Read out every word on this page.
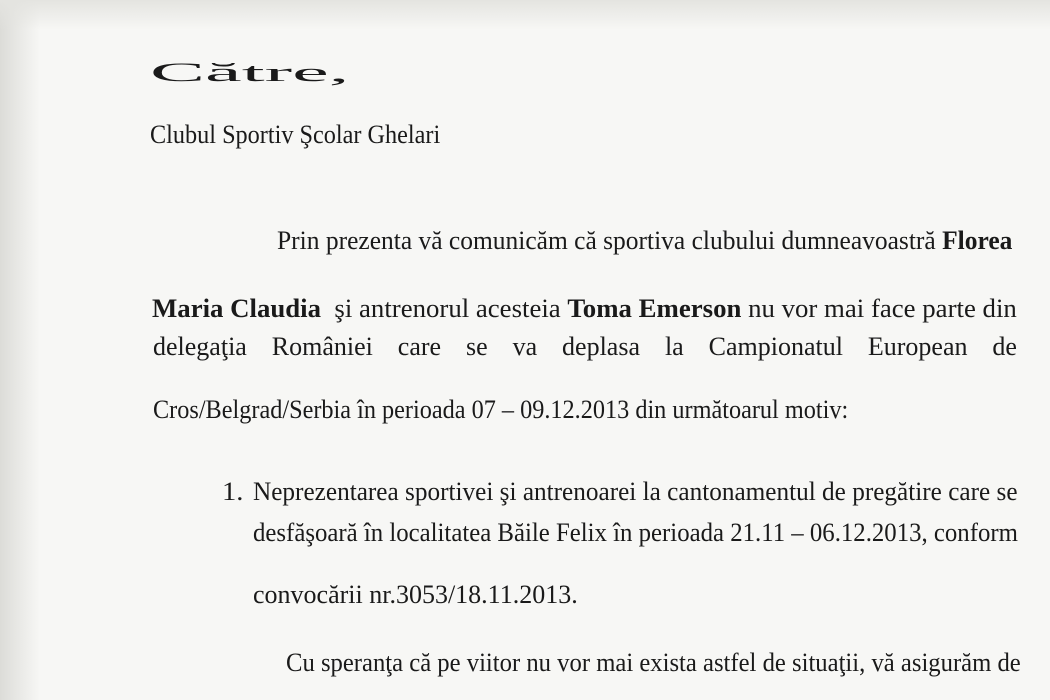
Către,
Clubul Sportiv Şcolar Ghelari
Prin prezenta vă comunicăm că sportiva clubului dumneavoastră Florea
Maria Claudia şi antrenorul acesteia Toma Emerson nu vor mai face parte din
delegaţia României care se va deplasa la Campionatul European de
Cros/Belgrad/Serbia în perioada 07 – 09.12.2013 din următoarul motiv:
1. Neprezentarea sportivei şi antrenoarei la cantonamentul de pregătire care se
desfăşoară în localitatea Băile Felix în perioada 21.11 – 06.12.2013, conform
convocării nr.3053/18.11.2013.
Cu speranţa că pe viitor nu vor mai exista astfel de situaţii, vă asigurăm de
